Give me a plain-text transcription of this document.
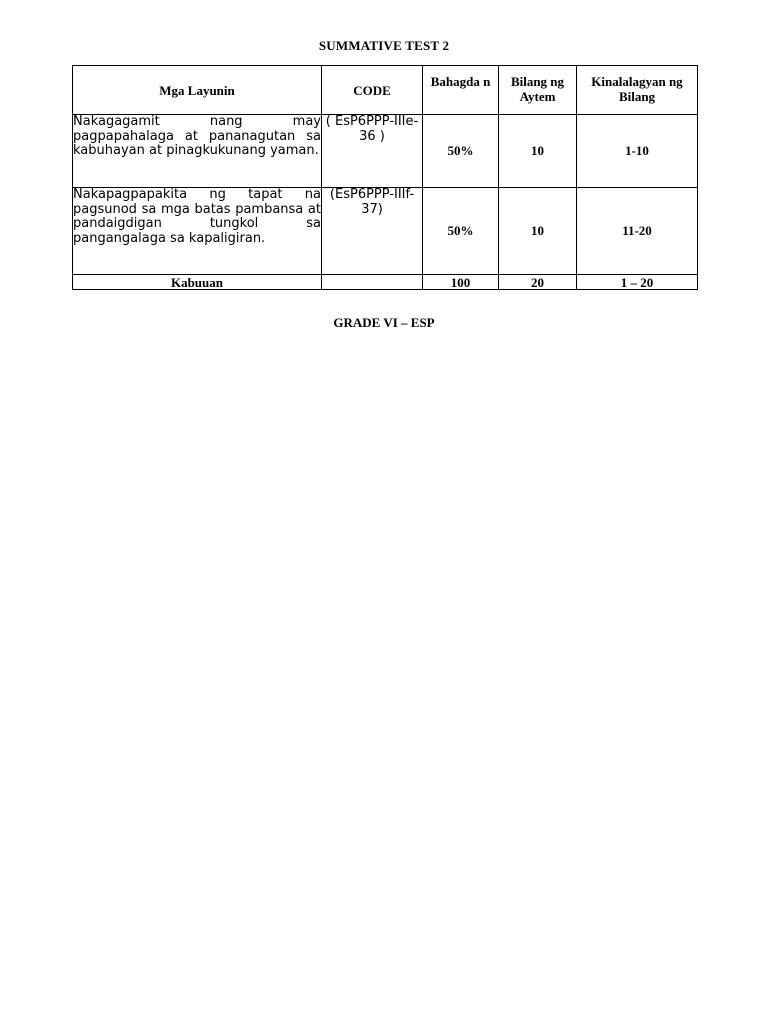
SUMMATIVE TEST 2
Mga Layunin	CODE	Bahagda n	Bilang ng Aytem	Kinalalagyan ng Bilang
Nakagagamit nang may pagpapahalaga at pananagutan sa kabuhayan at pinagkukunang yaman.	( EsP6PPP-IIIe-36 )	50%	10	1-10
Nakapagpapakita ng tapat na pagsunod sa mga batas pambansa at pandaigdigan tungkol sa pangangalaga sa kapaligiran.	(EsP6PPP-IIIf-37)	50%	10	11-20
Kabuuan		100	20	1 – 20
GRADE VI – ESP
